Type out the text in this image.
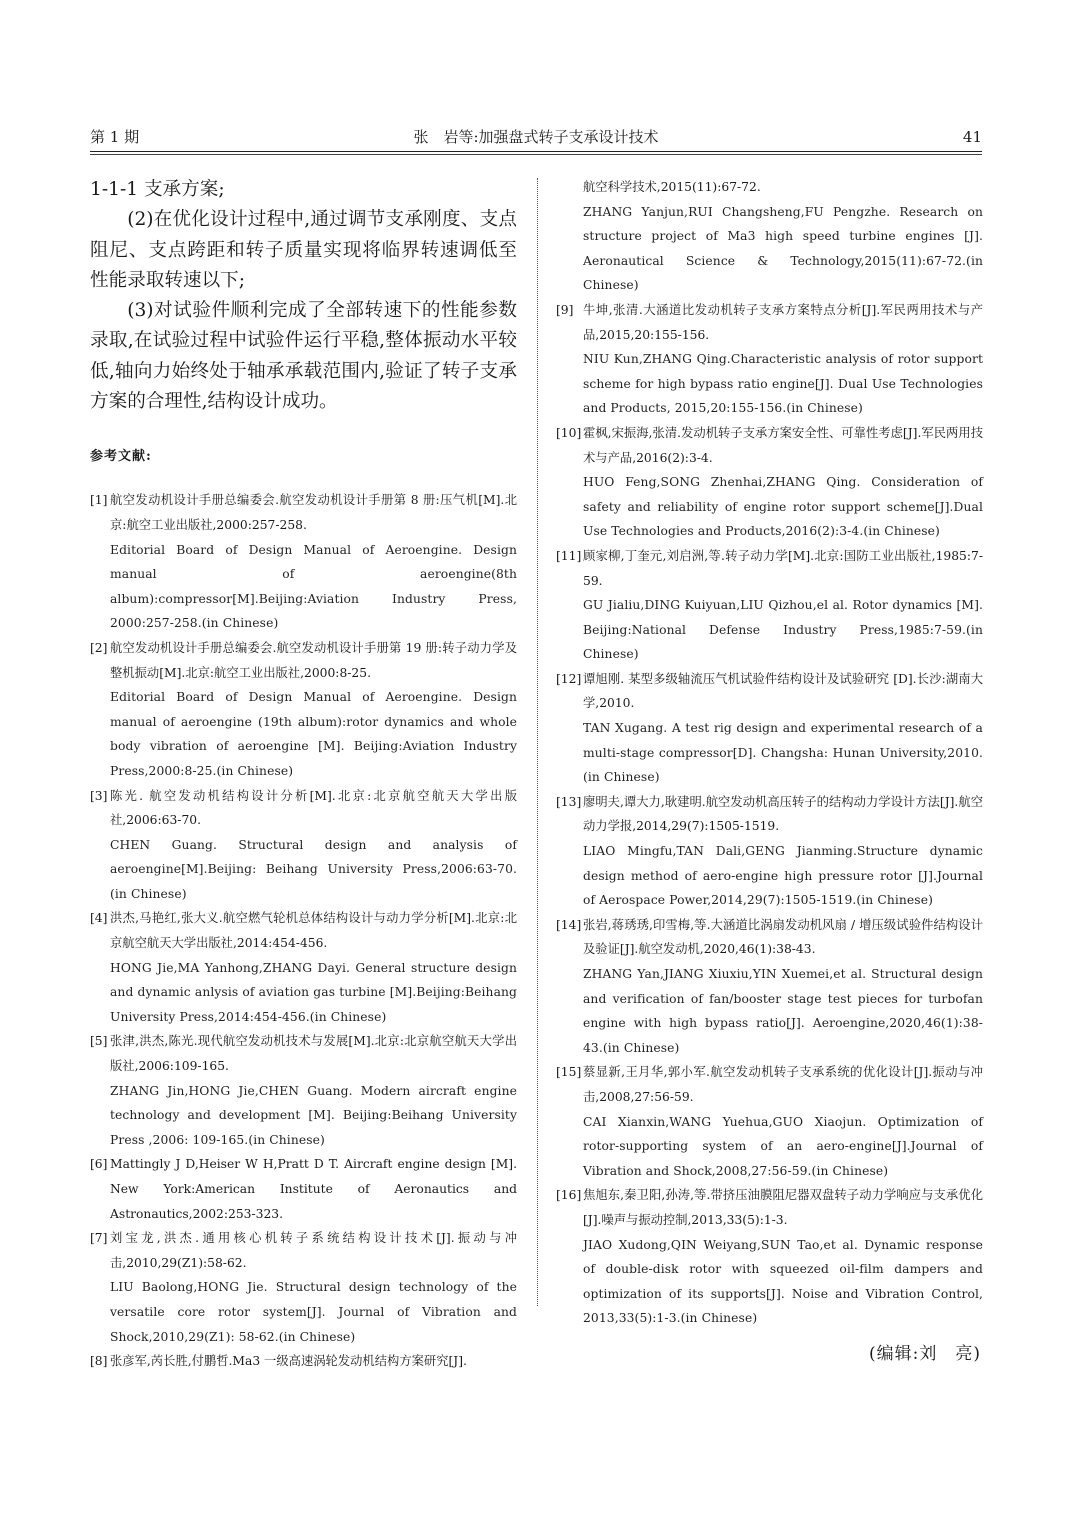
第 1 期	张　岩等:加强盘式转子支承设计技术	41

1-1-1 支承方案;

(2)在优化设计过程中,通过调节支承刚度、支点阻尼、支点跨距和转子质量实现将临界转速调低至性能录取转速以下;

(3)对试验件顺利完成了全部转速下的性能参数录取,在试验过程中试验件运行平稳,整体振动水平较低,轴向力始终处于轴承承载范围内,验证了转子支承方案的合理性,结构设计成功。

参考文献:
[1] 航空发动机设计手册总编委会.航空发动机设计手册第 8 册:压气机[M].北京:航空工业出版社,2000:257-258.
Editorial Board of Design Manual of Aeroengine. Design manual of aeroengine(8th album):compressor[M].Beijing:Aviation Industry Press, 2000:257-258.(in Chinese)
[2] 航空发动机设计手册总编委会.航空发动机设计手册第 19 册:转子动力学及整机振动[M].北京:航空工业出版社,2000:8-25.
Editorial Board of Design Manual of Aeroengine. Design manual of aeroengine (19th album):rotor dynamics and whole body vibration of aeroengine [M]. Beijing:Aviation Industry Press,2000:8-25.(in Chinese)
[3] 陈光. 航空发动机结构设计分析[M].北京:北京航空航天大学出版社,2006:63-70.
CHEN Guang. Structural design and analysis of aeroengine[M].Beijing: Beihang University Press,2006:63-70.(in Chinese)
[4] 洪杰,马艳红,张大义.航空燃气轮机总体结构设计与动力学分析[M].北京:北京航空航天大学出版社,2014:454-456.
HONG Jie,MA Yanhong,ZHANG Dayi. General structure design and dynamic anlysis of aviation gas turbine [M].Beijing:Beihang University Press,2014:454-456.(in Chinese)
[5] 张津,洪杰,陈光.现代航空发动机技术与发展[M].北京:北京航空航天大学出版社,2006:109-165.
ZHANG Jin,HONG Jie,CHEN Guang. Modern aircraft engine technology and development [M]. Beijing:Beihang University Press ,2006: 109-165.(in Chinese)
[6] Mattingly J D,Heiser W H,Pratt D T. Aircraft engine design [M]. New York:American Institute of Aeronautics and Astronautics,2002:253-323.
[7] 刘宝龙,洪杰.通用核心机转子系统结构设计技术[J].振动与冲击,2010,29(Z1):58-62.
LIU Baolong,HONG Jie. Structural design technology of the versatile core rotor system[J]. Journal of Vibration and Shock,2010,29(Z1): 58-62.(in Chinese)
[8] 张彦军,芮长胜,付鹏哲.Ma3 一级高速涡轮发动机结构方案研究[J].
航空科学技术,2015(11):67-72.
ZHANG Yanjun,RUI Changsheng,FU Pengzhe. Research on structure project of Ma3 high speed turbine engines [J]. Aeronautical Science & Technology,2015(11):67-72.(in Chinese)
[9] 牛坤,张清.大涵道比发动机转子支承方案特点分析[J].军民两用技术与产品,2015,20:155-156.
NIU Kun,ZHANG Qing.Characteristic analysis of rotor support scheme for high bypass ratio engine[J]. Dual Use Technologies and Products, 2015,20:155-156.(in Chinese)
[10] 霍枫,宋振海,张清.发动机转子支承方案安全性、可靠性考虑[J].军民两用技术与产品,2016(2):3-4.
HUO Feng,SONG Zhenhai,ZHANG Qing. Consideration of safety and reliability of engine rotor support scheme[J].Dual Use Technologies and Products,2016(2):3-4.(in Chinese)
[11] 顾家柳,丁奎元,刘启洲,等.转子动力学[M].北京:国防工业出版社,1985:7-59.
GU Jialiu,DING Kuiyuan,LIU Qizhou,el al. Rotor dynamics [M]. Beijing:National Defense Industry Press,1985:7-59.(in Chinese)
[12] 谭旭刚. 某型多级轴流压气机试验件结构设计及试验研究 [D].长沙:湖南大学,2010.
TAN Xugang. A test rig design and experimental research of a multi-stage compressor[D]. Changsha: Hunan University,2010.(in Chinese)
[13] 廖明夫,谭大力,耿建明.航空发动机高压转子的结构动力学设计方法[J].航空动力学报,2014,29(7):1505-1519.
LIAO Mingfu,TAN Dali,GENG Jianming.Structure dynamic design method of aero-engine high pressure rotor [J].Journal of Aerospace Power,2014,29(7):1505-1519.(in Chinese)
[14] 张岩,蒋琇琇,印雪梅,等.大涵道比涡扇发动机风扇 / 增压级试验件结构设计及验证[J].航空发动机,2020,46(1):38-43.
ZHANG Yan,JIANG Xiuxiu,YIN Xuemei,et al. Structural design and verification of fan/booster stage test pieces for turbofan engine with high bypass ratio[J]. Aeroengine,2020,46(1):38-43.(in Chinese)
[15] 蔡显新,王月华,郭小军.航空发动机转子支承系统的优化设计[J].振动与冲击,2008,27:56-59.
CAI Xianxin,WANG Yuehua,GUO Xiaojun. Optimization of rotor-supporting system of an aero-engine[J].Journal of Vibration and Shock,2008,27:56-59.(in Chinese)
[16] 焦旭东,秦卫阳,孙涛,等.带挤压油膜阻尼器双盘转子动力学响应与支承优化[J].噪声与振动控制,2013,33(5):1-3.
JIAO Xudong,QIN Weiyang,SUN Tao,et al. Dynamic response of double-disk rotor with squeezed oil-film dampers and optimization of its supports[J]. Noise and Vibration Control, 2013,33(5):1-3.(in Chinese)
(编辑:刘　亮)
